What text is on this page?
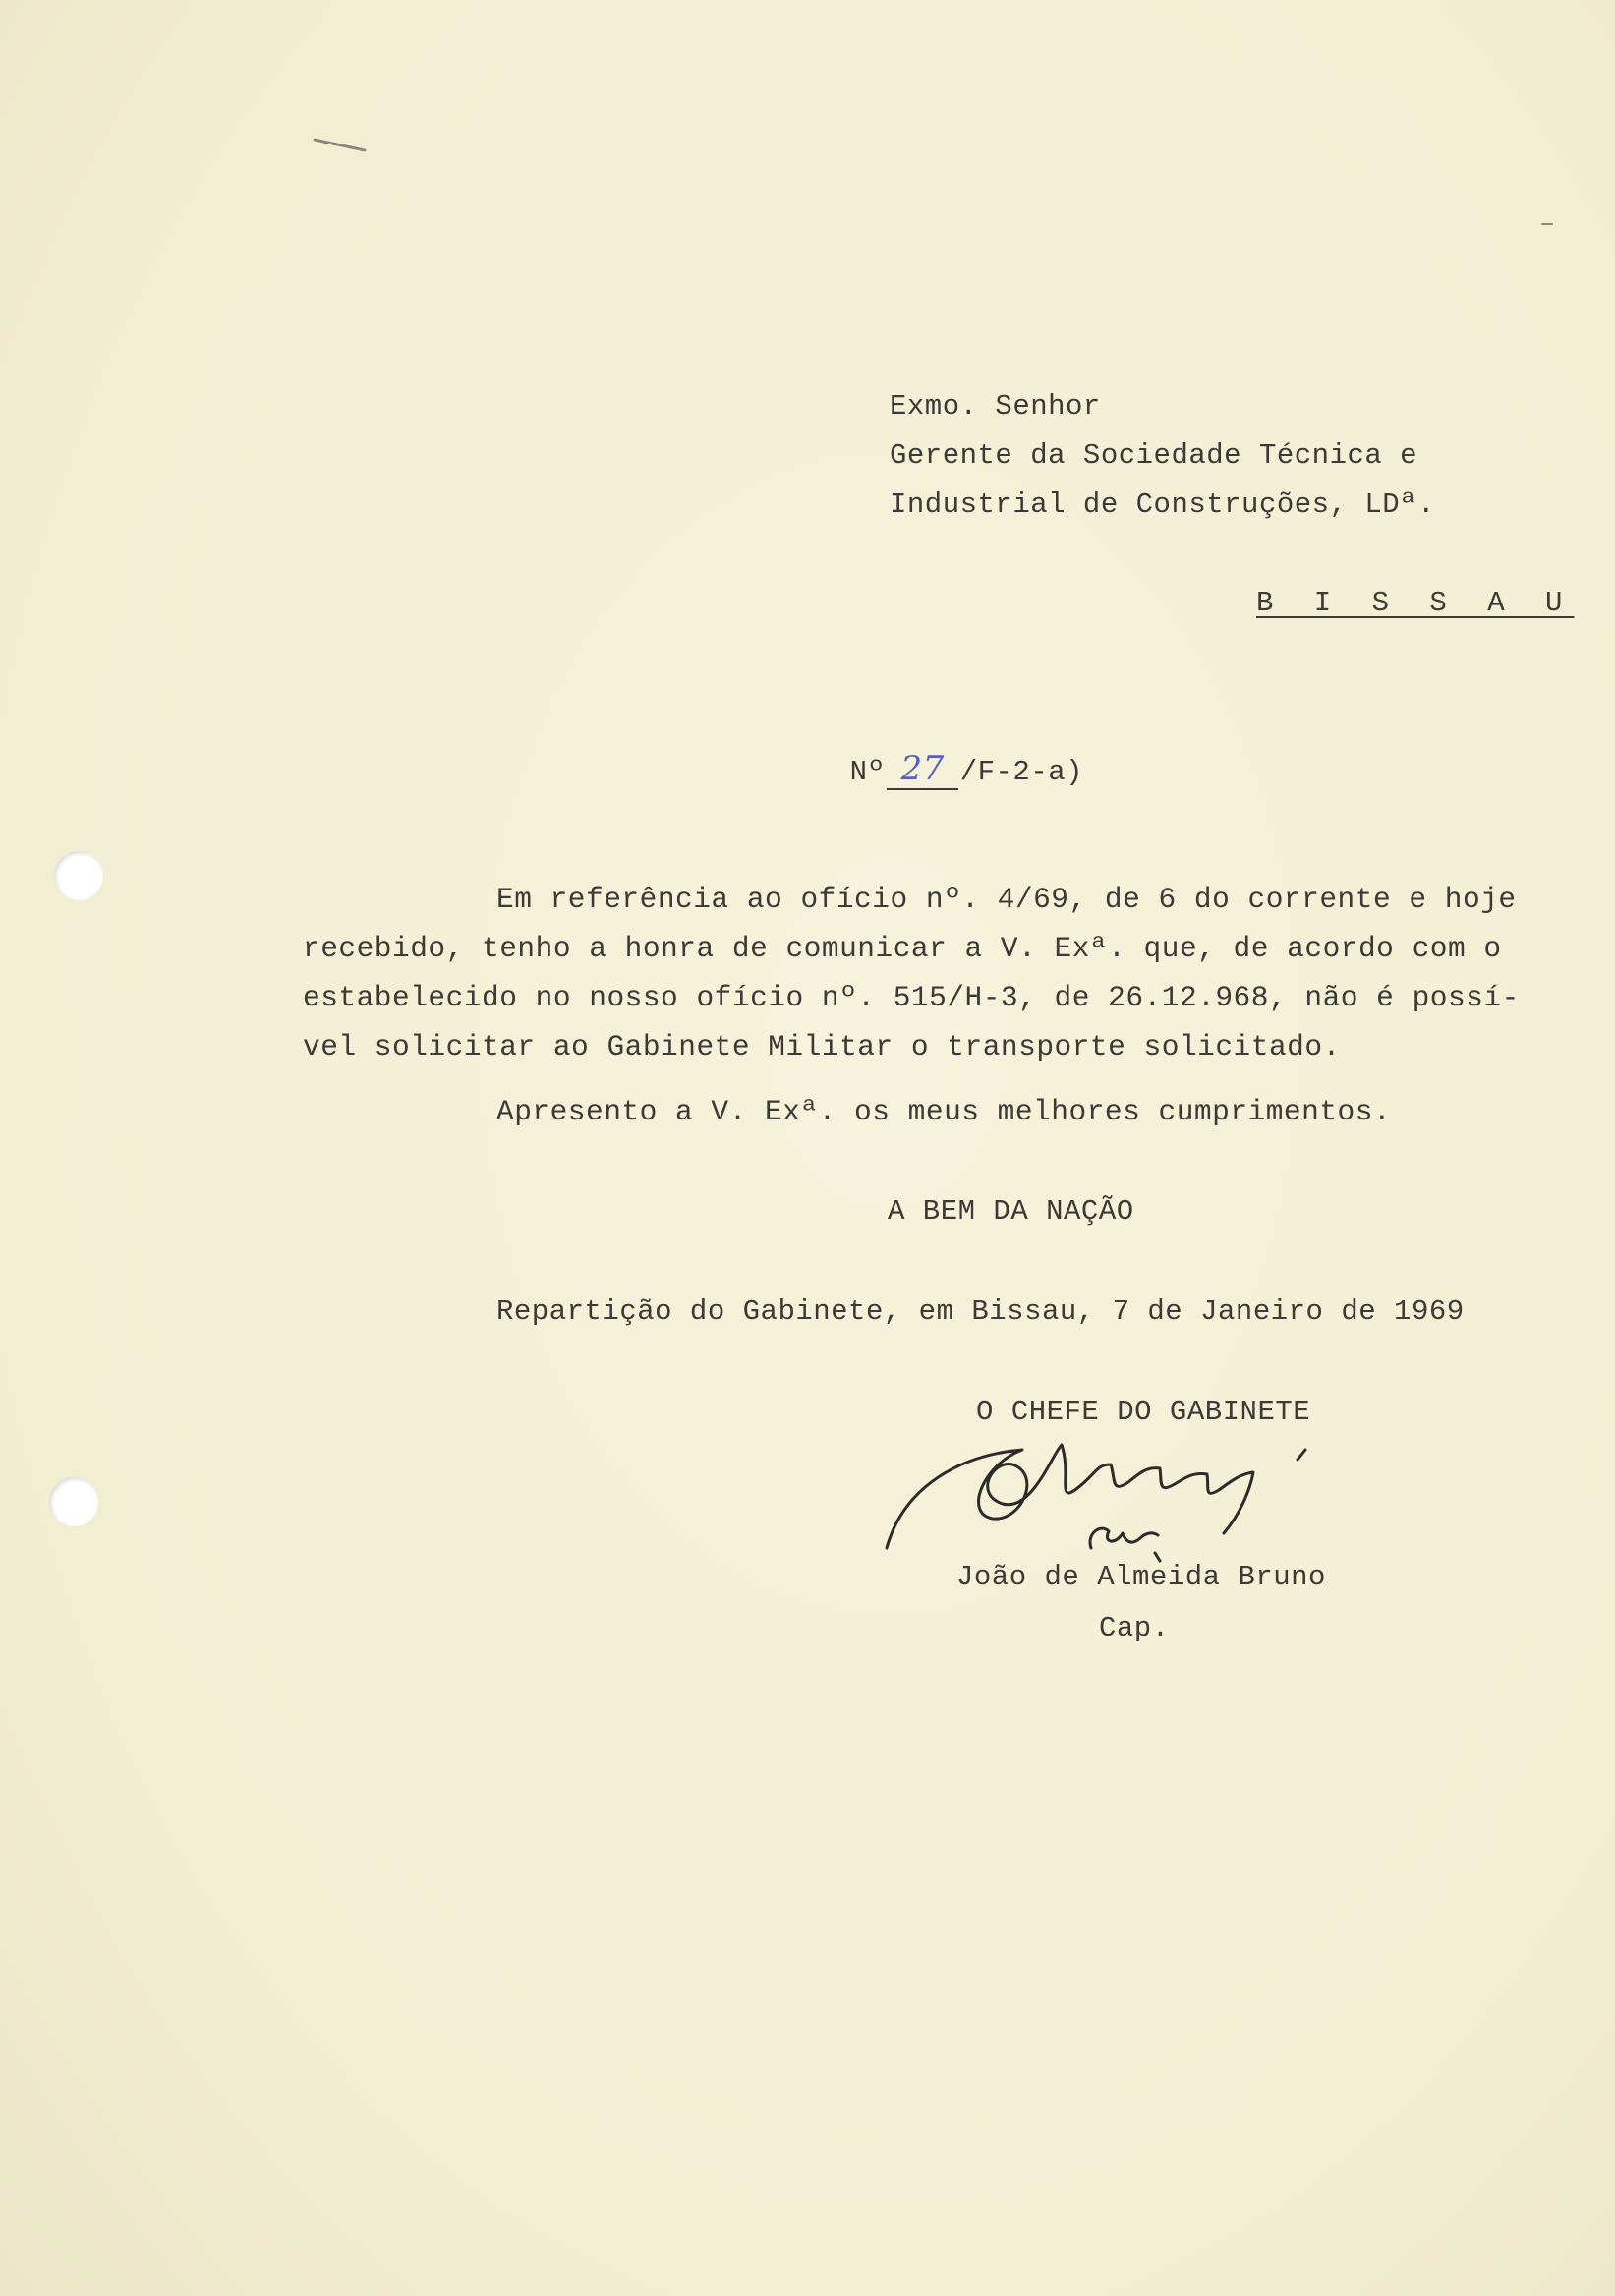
Exmo. Senhor
Gerente da Sociedade Técnica e
Industrial de Construções, LDª.
B I S S A U

Nº 27 /F-2-a)

Em referência ao ofício nº. 4/69, de 6 do corrente e hoje
recebido, tenho a honra de comunicar a V. Exª. que, de acordo com o
estabelecido no nosso ofício nº. 515/H-3, de 26.12.968, não é possí-
vel solicitar ao Gabinete Militar o transporte solicitado.
Apresento a V. Exª. os meus melhores cumprimentos.
A BEM DA NAÇÃO
Repartição do Gabinete, em Bissau, 7 de Janeiro de 1969
O CHEFE DO GABINETE
João de Almeida Bruno
Cap.
